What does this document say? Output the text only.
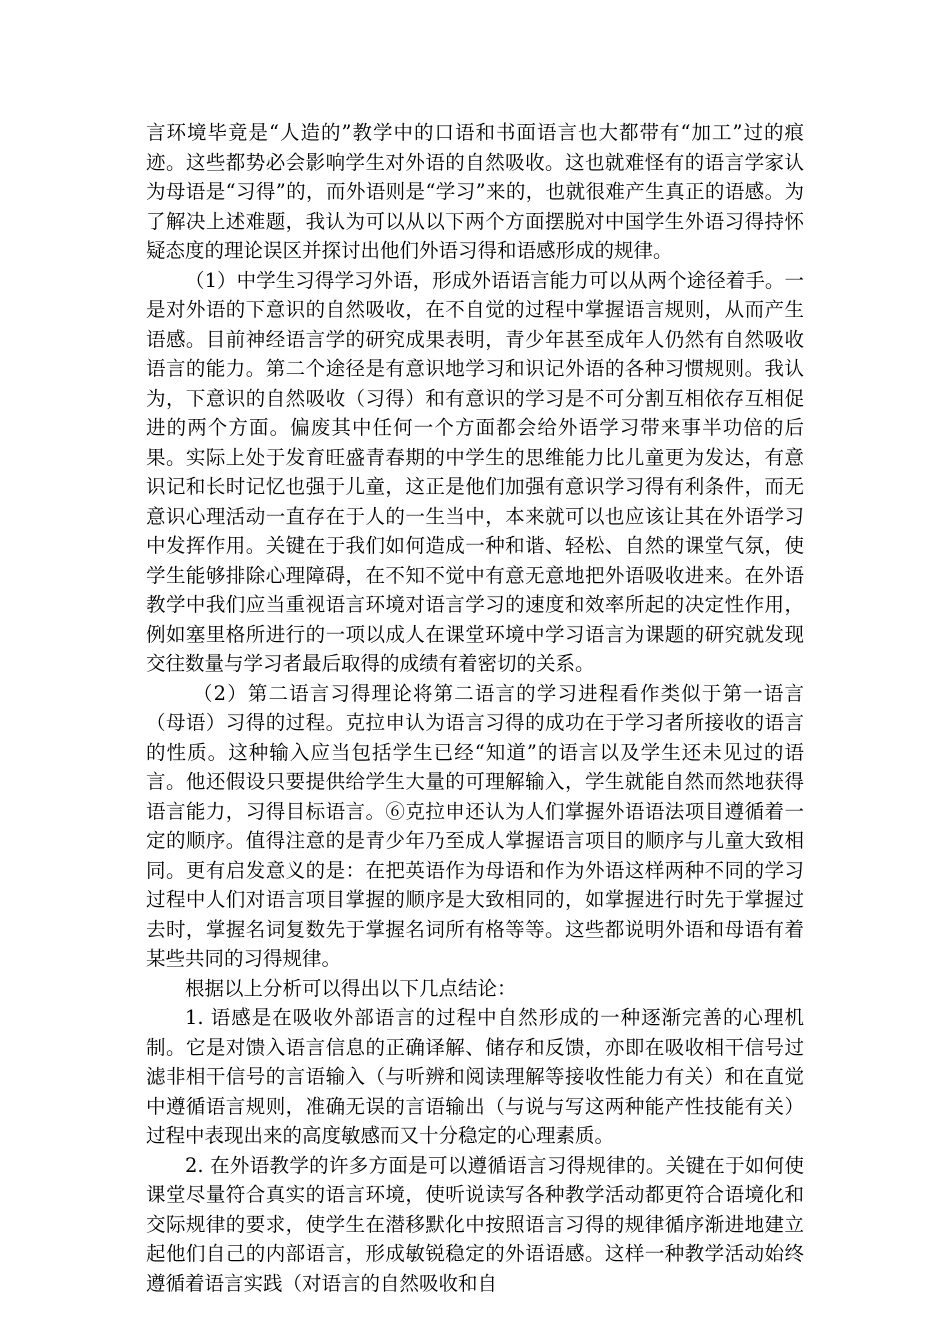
言环境毕竟是“人造的”教学中的口语和书面语言也大都带有“加工”过的痕迹。这些都势必会影响学生对外语的自然吸收。这也就难怪有的语言学家认为母语是“习得”的，而外语则是“学习”来的，也就很难产生真正的语感。为了解决上述难题，我认为可以从以下两个方面摆脱对中国学生外语习得持怀疑态度的理论误区并探讨出他们外语习得和语感形成的规律。

（1）中学生习得学习外语，形成外语语言能力可以从两个途径着手。一是对外语的下意识的自然吸收，在不自觉的过程中掌握语言规则，从而产生语感。目前神经语言学的研究成果表明，青少年甚至成年人仍然有自然吸收语言的能力。第二个途径是有意识地学习和识记外语的各种习惯规则。我认为，下意识的自然吸收（习得）和有意识的学习是不可分割互相依存互相促进的两个方面。偏废其中任何一个方面都会给外语学习带来事半功倍的后果。实际上处于发育旺盛青春期的中学生的思维能力比儿童更为发达，有意识记和长时记忆也强于儿童，这正是他们加强有意识学习得有利条件，而无意识心理活动一直存在于人的一生当中，本来就可以也应该让其在外语学习中发挥作用。关键在于我们如何造成一种和谐、轻松、自然的课堂气氛，使学生能够排除心理障碍，在不知不觉中有意无意地把外语吸收进来。在外语教学中我们应当重视语言环境对语言学习的速度和效率所起的决定性作用，例如塞里格所进行的一项以成人在课堂环境中学习语言为课题的研究就发现交往数量与学习者最后取得的成绩有着密切的关系。

（2）第二语言习得理论将第二语言的学习进程看作类似于第一语言（母语）习得的过程。克拉申认为语言习得的成功在于学习者所接收的语言的性质。这种输入应当包括学生已经“知道”的语言以及学生还未见过的语言。他还假设只要提供给学生大量的可理解输入，学生就能自然而然地获得语言能力，习得目标语言。⑥克拉申还认为人们掌握外语语法项目遵循着一定的顺序。值得注意的是青少年乃至成人掌握语言项目的顺序与儿童大致相同。更有启发意义的是：在把英语作为母语和作为外语这样两种不同的学习过程中人们对语言项目掌握的顺序是大致相同的，如掌握进行时先于掌握过去时，掌握名词复数先于掌握名词所有格等等。这些都说明外语和母语有着某些共同的习得规律。

根据以上分析可以得出以下几点结论：

1. 语感是在吸收外部语言的过程中自然形成的一种逐渐完善的心理机制。它是对馈入语言信息的正确译解、储存和反馈，亦即在吸收相干信号过滤非相干信号的言语输入（与听辨和阅读理解等接收性能力有关）和在直觉中遵循语言规则，准确无误的言语输出（与说与写这两种能产性技能有关）过程中表现出来的高度敏感而又十分稳定的心理素质。

2. 在外语教学的许多方面是可以遵循语言习得规律的。关键在于如何使课堂尽量符合真实的语言环境，使听说读写各种教学活动都更符合语境化和交际规律的要求，使学生在潜移默化中按照语言习得的规律循序渐进地建立起他们自己的内部语言，形成敏锐稳定的外语语感。这样一种教学活动始终遵循着语言实践（对语言的自然吸收和自
